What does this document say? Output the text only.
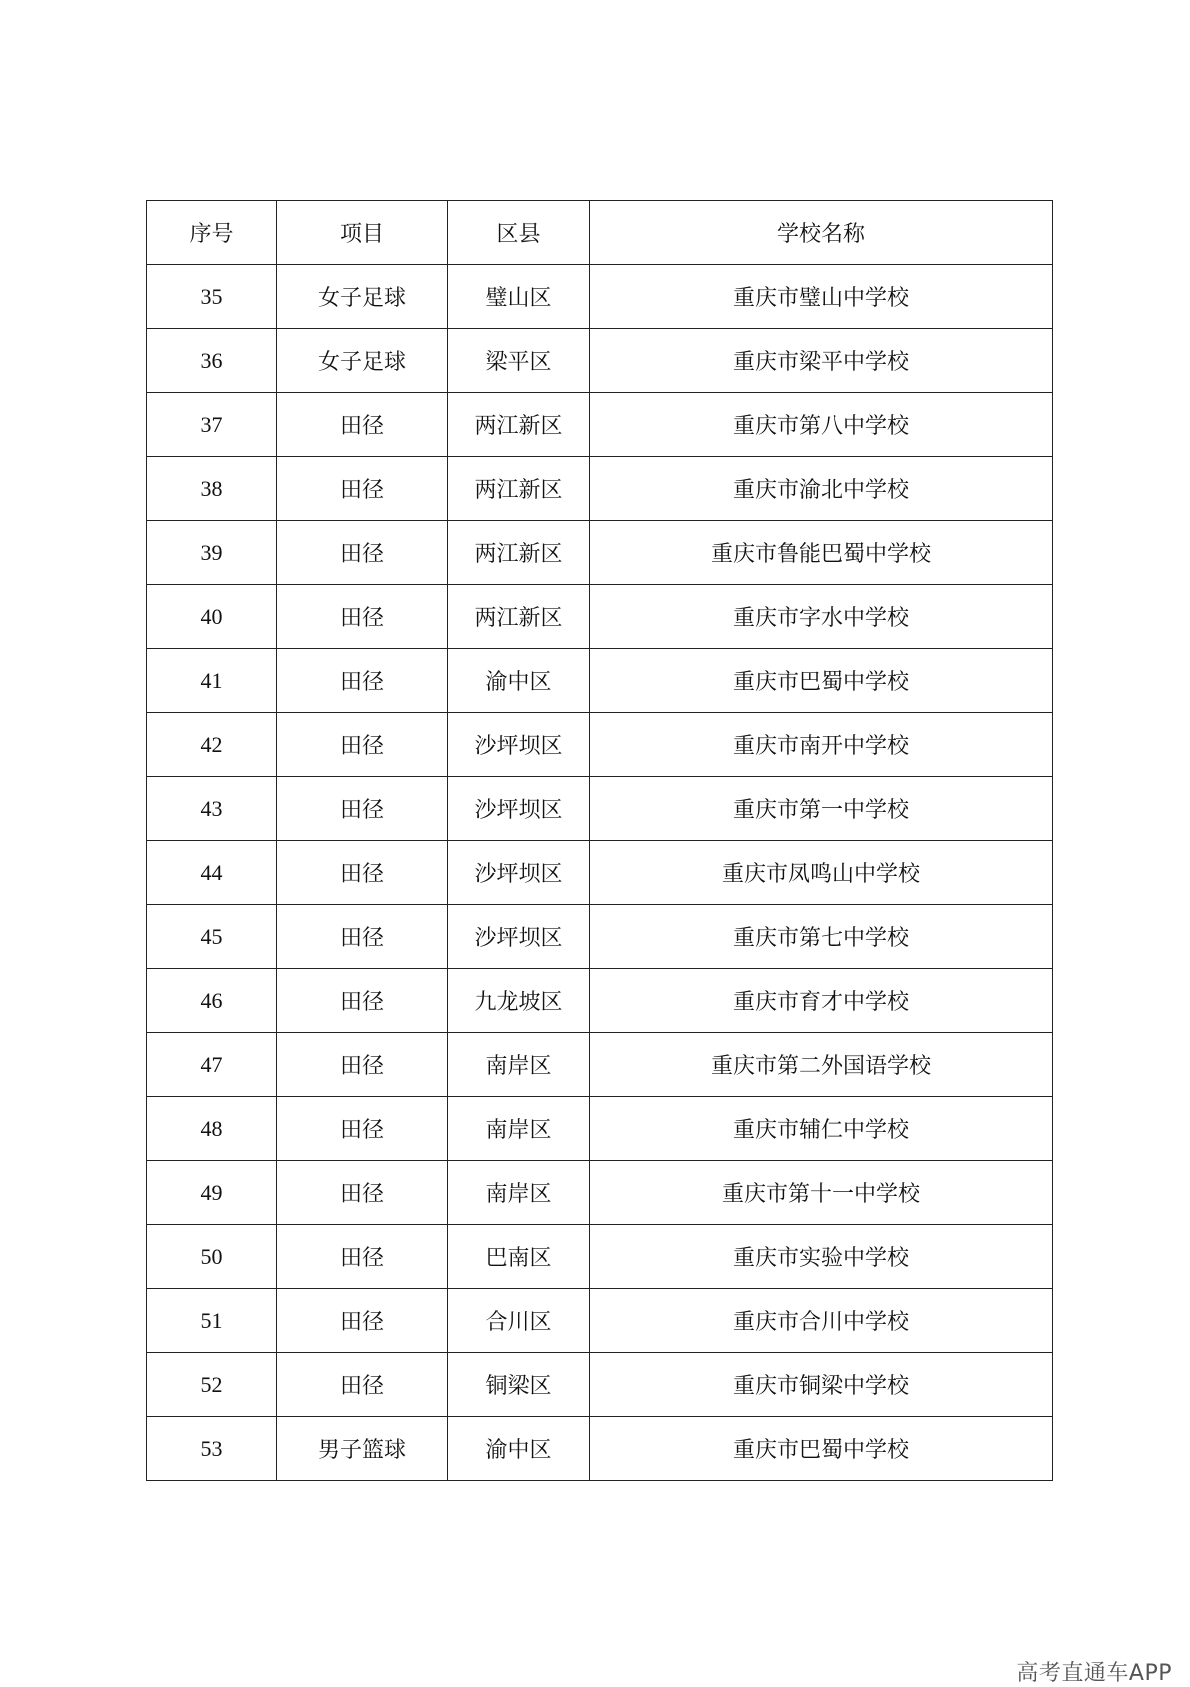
序号	项目	区县	学校名称
35	女子足球	璧山区	重庆市璧山中学校
36	女子足球	梁平区	重庆市梁平中学校
37	田径	两江新区	重庆市第八中学校
38	田径	两江新区	重庆市渝北中学校
39	田径	两江新区	重庆市鲁能巴蜀中学校
40	田径	两江新区	重庆市字水中学校
41	田径	渝中区	重庆市巴蜀中学校
42	田径	沙坪坝区	重庆市南开中学校
43	田径	沙坪坝区	重庆市第一中学校
44	田径	沙坪坝区	重庆市凤鸣山中学校
45	田径	沙坪坝区	重庆市第七中学校
46	田径	九龙坡区	重庆市育才中学校
47	田径	南岸区	重庆市第二外国语学校
48	田径	南岸区	重庆市辅仁中学校
49	田径	南岸区	重庆市第十一中学校
50	田径	巴南区	重庆市实验中学校
51	田径	合川区	重庆市合川中学校
52	田径	铜梁区	重庆市铜梁中学校
53	男子篮球	渝中区	重庆市巴蜀中学校
高考直通车APP
